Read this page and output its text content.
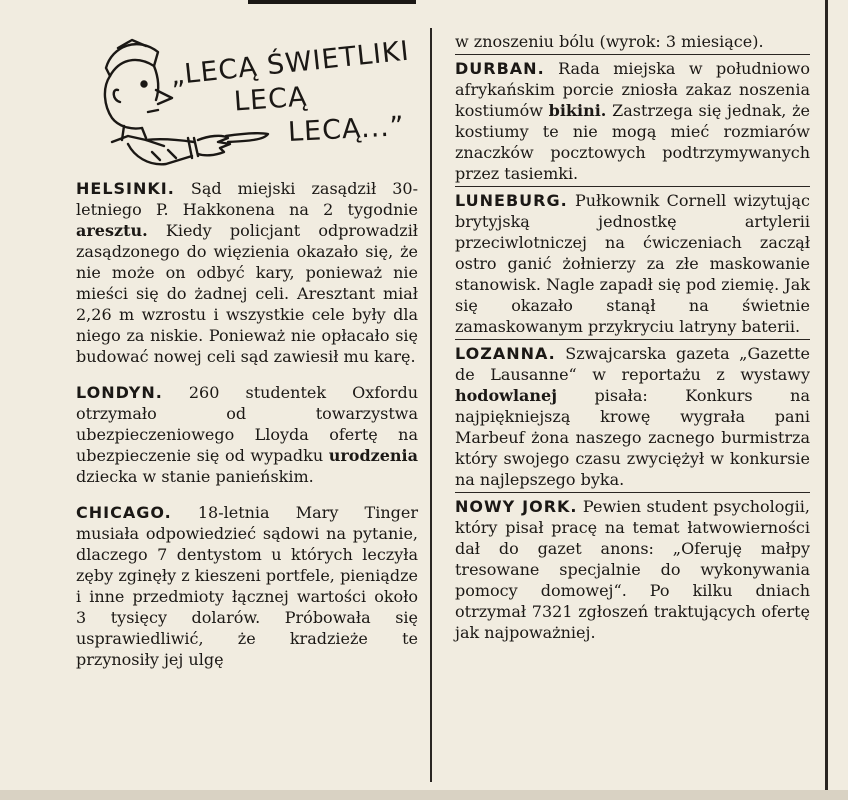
„LECĄ ŚWIETLIKI
LECĄ
LECĄ...”

HELSINKI. Sąd miejski zasądził 30-letniego P. Hakkonena na 2 tygodnie aresztu. Kiedy policjant odprowadził zasądzonego do więzienia okazało się, że nie może on odbyć kary, ponieważ nie mieści się do żadnej celi. Aresztant miał 2,26 m wzrostu i wszystkie cele były dla niego za niskie. Ponieważ nie opłacało się budować nowej celi sąd zawiesił mu karę.

LONDYN. 260 studentek Oxfordu otrzymało od towarzystwa ubezpieczeniowego Lloyda ofertę na ubezpieczenie się od wypadku urodzenia dziecka w stanie panieńskim.

CHICAGO. 18-letnia Mary Tinger musiała odpowiedzieć sądowi na pytanie, dlaczego 7 dentystom u których leczyła zęby zginęły z kieszeni portfele, pieniądze i inne przedmioty łącznej wartości około 3 tysięcy dolarów. Próbowała się usprawiedliwić, że kradzieże te przynosiły jej ulgę

w znoszeniu bólu (wyrok: 3 miesiące).

DURBAN. Rada miejska w południowo afrykańskim porcie zniosła zakaz noszenia kostiumów bikini. Zastrzega się jednak, że kostiumy te nie mogą mieć rozmiarów znaczków pocztowych podtrzymywanych przez tasiemki.

LUNEBURG. Pułkownik Cornell wizytując brytyjską jednostkę artylerii przeciwlotniczej na ćwiczeniach zaczął ostro ganić żołnierzy za złe maskowanie stanowisk. Nagle zapadł się pod ziemię. Jak się okazało stanął na świetnie zamaskowanym przykryciu latryny baterii.

LOZANNA. Szwajcarska gazeta „Gazette de Lausanne“ w reportażu z wystawy hodowlanej pisała: Konkurs na najpiękniejszą krowę wygrała pani Marbeuf żona naszego zacnego burmistrza który swojego czasu zwyciężył w konkursie na najlepszego byka.

NOWY JORK. Pewien student psychologii, który pisał pracę na temat łatwowierności dał do gazet anons: „Oferuję małpy tresowane specjalnie do wykonywania pomocy domowej“. Po kilku dniach otrzymał 7321 zgłoszeń traktujących ofertę jak najpoważniej.
